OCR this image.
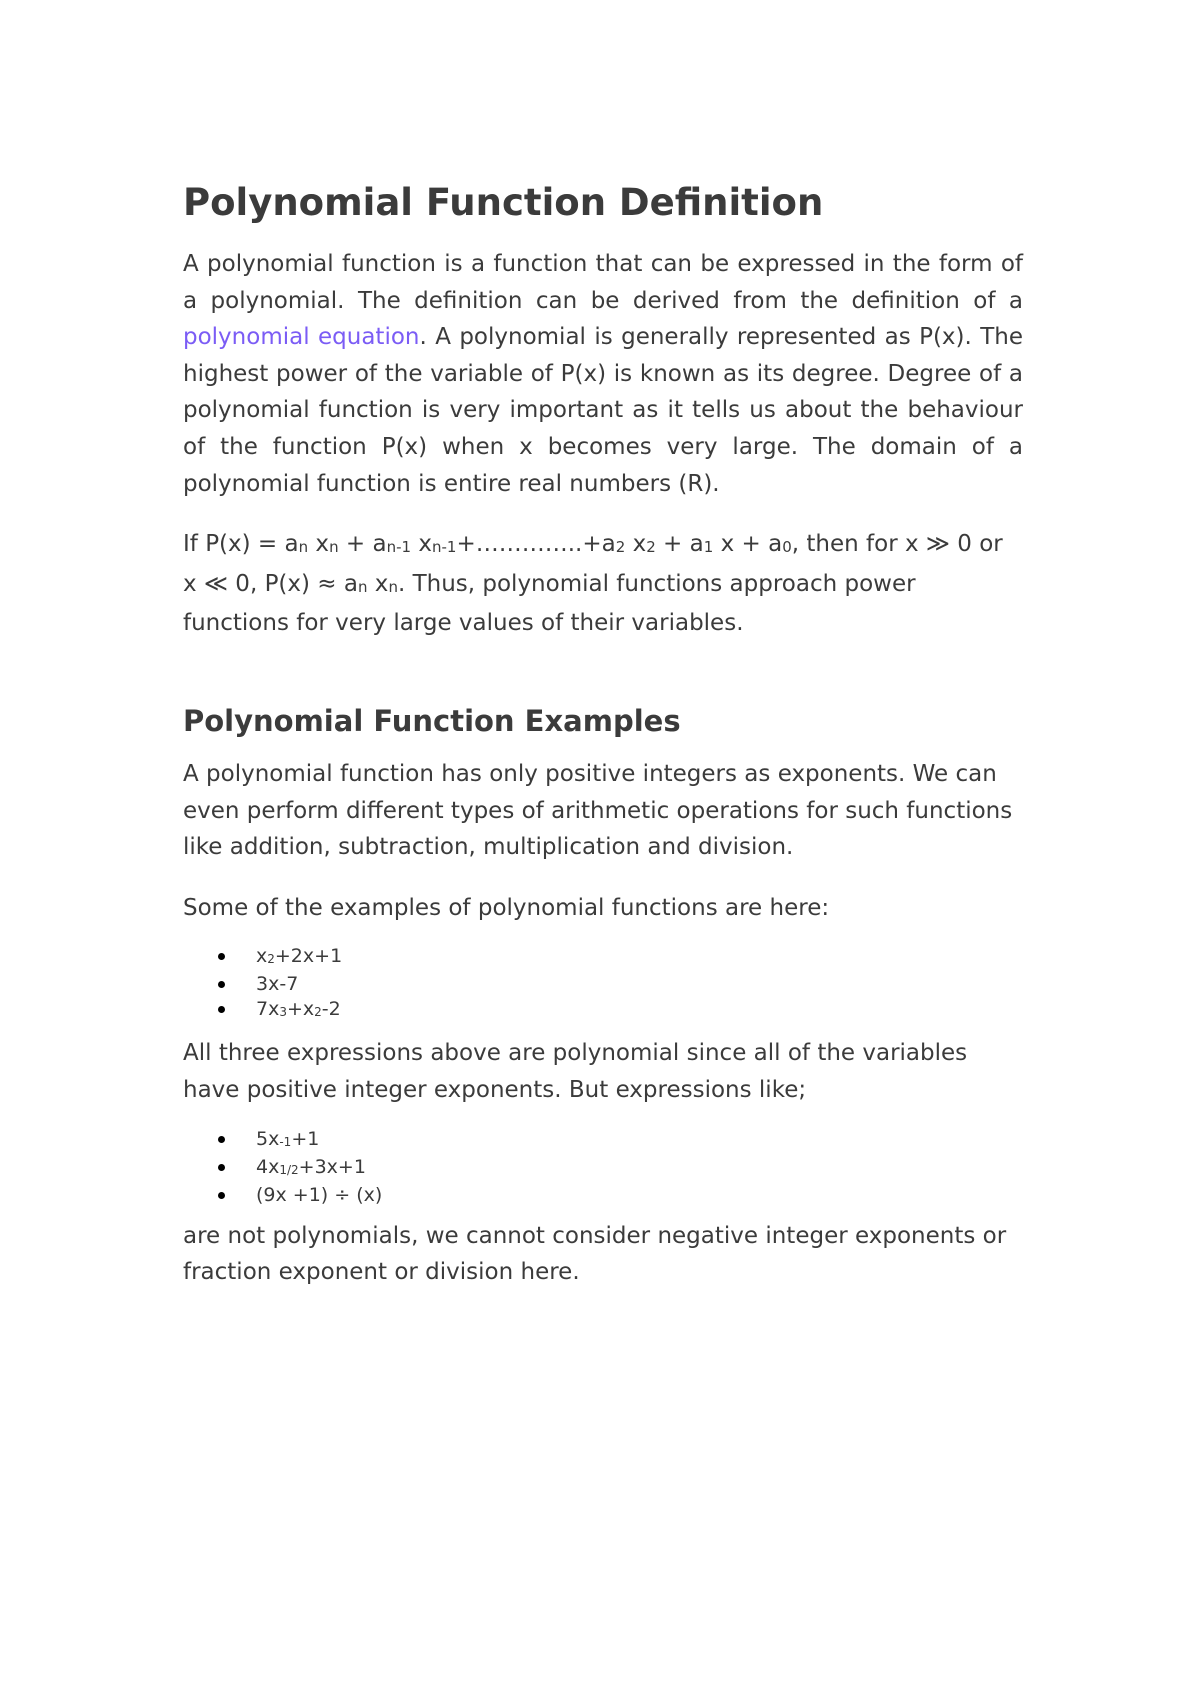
Polynomial Function Definition

A polynomial function is a function that can be expressed in the form of a polynomial. The definition can be derived from the definition of a polynomial equation. A polynomial is generally represented as P(x). The highest power of the variable of P(x) is known as its degree. Degree of a polynomial function is very important as it tells us about the behaviour of the function P(x) when x becomes very large. The domain of a polynomial function is entire real numbers (R).

If $P(x) = a_n$ $x_n + a_{n-1}$ $x_{n-1}+\dots\dots\dots\dots..+a_2$ $x_2 + a_1$ $x + a_0$, then for x ≫ 0 or x ≪ 0, $P(x) \approx a_n$ $x_n$. Thus, polynomial functions approach power functions for very large values of their variables.

Polynomial Function Examples

A polynomial function has only positive integers as exponents. We can even perform different types of arithmetic operations for such functions like addition, subtraction, multiplication and division.

Some of the examples of polynomial functions are here:

$x_2+2x+1$
3x-7
$7x_3+x_2-2$

All three expressions above are polynomial since all of the variables have positive integer exponents. But expressions like;

$5x_{-1}+1$
$4x_{1/2}+3x+1$
(9x +1) ÷ (x)

are not polynomials, we cannot consider negative integer exponents or fraction exponent or division here.
